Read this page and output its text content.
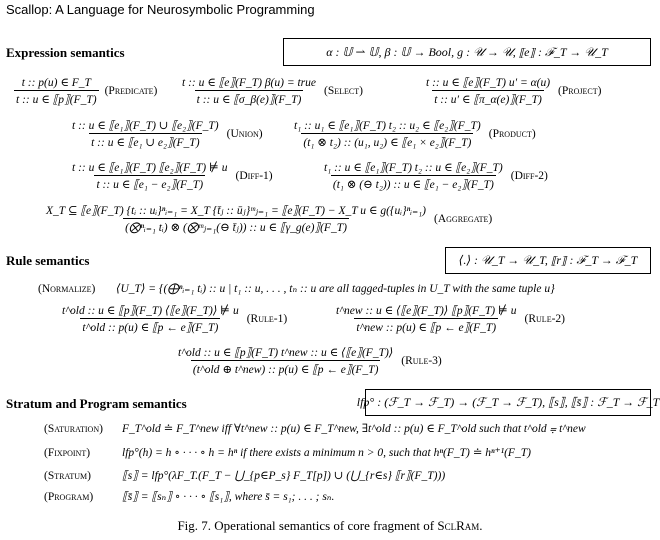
Scallop: A Language for Neurosymbolic Programming
Expression semantics	α : 𝕌 ⇀ 𝕌, β : 𝕌 → Bool, g : 𝒰 → 𝒰, ⟦e⟧ : ℱ_T → 𝒰_T
$\frac{t :: p(u) \in F\_T}{t :: u \in ⟦p⟧(F\_T)}$ (Predicate) $\frac{\text{t :: u ∈ ⟦e⟧(F\_T) β(u) = true}}{t :: u \in ⟦\sigma\_\beta(e)⟧(F\_T)}$ (Select)	$\frac{t :: u \in ⟦e⟧(F\_T) u' = \alpha(u)}{t :: u' \in ⟦\pi\_\alpha(e)⟧(F\_T)}$ (Project)
$\frac{\text{t :: u ∈ ⟦e₁⟧(F\_T) ∪ ⟦e₂⟧(F\_T)}}{\text{t :: u ∈ ⟦e₁ ∪ e₂⟧(F\_T)}}$ (Union)	$\frac{\text{t₁ :: u₁ ∈ ⟦e₁⟧(F\_T) t₂ :: u₂ ∈ ⟦e₂⟧(F\_T)}}{\text{(t₁ ⊗ t₂) :: (u₁, u₂) ∈ ⟦e₁ × e₂⟧(F\_T)}}$ (Product)
$\frac{\text{t :: u ∈ ⟦e₁⟧(F\_T) ⟦e₂⟧(F\_T) ⊭ u}}{\text{t :: u ∈ ⟦e₁ − e₂⟧(F\_T)}}$ (Diff-1)	$\frac{\text{t₁ :: u ∈ ⟦e₁⟧(F\_T) t₂ :: u ∈ ⟦e₂⟧(F\_T)}}{\text{(t₁ ⊗ (⊖ t₂)) :: u ∈ ⟦e₁ − e₂⟧(F\_T)}}$ (Diff-2)
X_T ⊆ ⟦e⟧(F_T) {tᵢ :: uᵢ}ⁿᵢ₌₁ = X_T {t̄ⱼ :: ūⱼ}ᵐⱼ₌₁ = ⟦e⟧(F_T) − X_T u ∈ g({uᵢ}ⁿᵢ₌₁)
(⨂ⁿᵢ₌₁ tᵢ) ⊗ (⨂ᵐⱼ₌₁(⊖ t̄ⱼ)) :: u ∈ ⟦γ_g(e)⟧(F_T)
(Aggregate)
Rule semantics	⟨.⟩ : 𝒰_T → 𝒰_T, ⟦r⟧ : ℱ_T → ℱ_T
(Normalize) ⟨U_T⟩ = {(⨁ⁿᵢ₌₁ tᵢ) :: u | t₁ :: u, . . . , tₙ :: u are all tagged-tuples in U_T with the same tuple u}
$\frac{\text{t\textasciicircum{}old :: u ∈ ⟦p⟧(F\_T) ⟨⟦e⟧(F\_T)⟩ ⊭ u}}{\text{t\textasciicircum{}old :: p(u) ∈ ⟦p ← e⟧(F\_T)}}$ (Rule-1)	$\frac{\text{t\textasciicircum{}new :: u ∈ ⟨⟦e⟧(F\_T)⟩ ⟦p⟧(F\_T) ⊭ u}}{\text{t\textasciicircum{}new :: p(u) ∈ ⟦p ← e⟧(F\_T)}}$ (Rule-2)
$\frac{\text{t\textasciicircum{}old :: u ∈ ⟦p⟧(F\_T) t\textasciicircum{}new :: u ∈ ⟨⟦e⟧(F\_T)⟩}}{\text{(t\textasciicircum{}old ⊕ t\textasciicircum{}new) :: p(u) ∈ ⟦p ← e⟧(F\_T)}}$ (Rule-3)
Stratum and Program semantics	lfp° : (ℱ_T → ℱ_T) → (ℱ_T → ℱ_T), ⟦s⟧, ⟦s̄⟧ : ℱ_T → ℱ_T
(Saturation) F_T^old ≐ F_T^new iff ∀t^new :: p(u) ∈ F_T^new, ∃t^old :: p(u) ∈ F_T^old such that t^old ⩦ t^new
(Fixpoint)	lfp°(h) = h ∘ · · · ∘ h = hⁿ if there exists a minimum n > 0, such that hⁿ(F_T) ≐ hⁿ⁺¹(F_T)
(Stratum)	⟦s⟧ = lfp°(λF_T.(F_T − ⋃_{p∈P_s} F_T[p]) ∪ (⋃_{r∈s} ⟦r⟧(F_T)))
(Program)	⟦s̄⟧ = ⟦sₙ⟧ ∘ · · · ∘ ⟦s₁⟧, where s̄ = s₁; . . . ; sₙ.
Fig. 7. Operational semantics of core fragment of SclRam.
